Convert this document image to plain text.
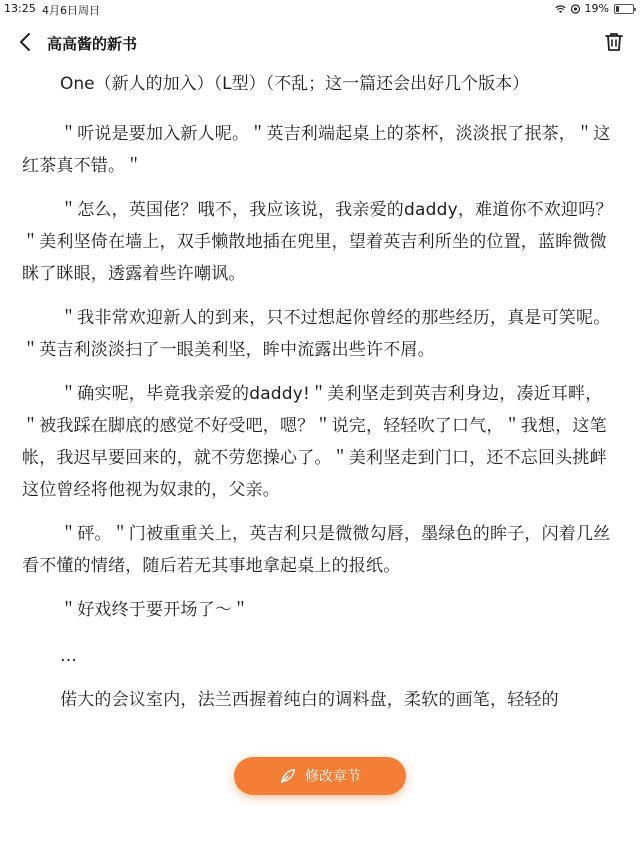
13:25 4月6日周日	19%
高高酱的新书
One（新人的加入）（L型）（不乱；这一篇还会出好几个版本）

＂听说是要加入新人呢。＂英吉利端起桌上的茶杯，淡淡抿了抿茶，＂这红茶真不错。＂

＂怎么，英国佬？哦不，我应该说，我亲爱的daddy，难道你不欢迎吗？＂美利坚倚在墙上，双手懒散地插在兜里，望着英吉利所坐的位置，蓝眸微微眯了眯眼，透露着些许嘲讽。

＂我非常欢迎新人的到来，只不过想起你曾经的那些经历，真是可笑呢。＂英吉利淡淡扫了一眼美利坚，眸中流露出些许不屑。

＂确实呢，毕竟我亲爱的daddy!＂美利坚走到英吉利身边，凑近耳畔，＂被我踩在脚底的感觉不好受吧，嗯？＂说完，轻轻吹了口气，＂我想，这笔帐，我迟早要回来的，就不劳您操心了。＂美利坚走到门口，还不忘回头挑衅这位曾经将他视为奴隶的，父亲。

＂砰。＂门被重重关上，英吉利只是微微勾唇，墨绿色的眸子，闪着几丝看不懂的情绪，随后若无其事地拿起桌上的报纸。

＂好戏终于要开场了～＂

…

偌大的会议室内，法兰西握着纯白的调料盘，柔软的画笔，轻轻的

修改章节
